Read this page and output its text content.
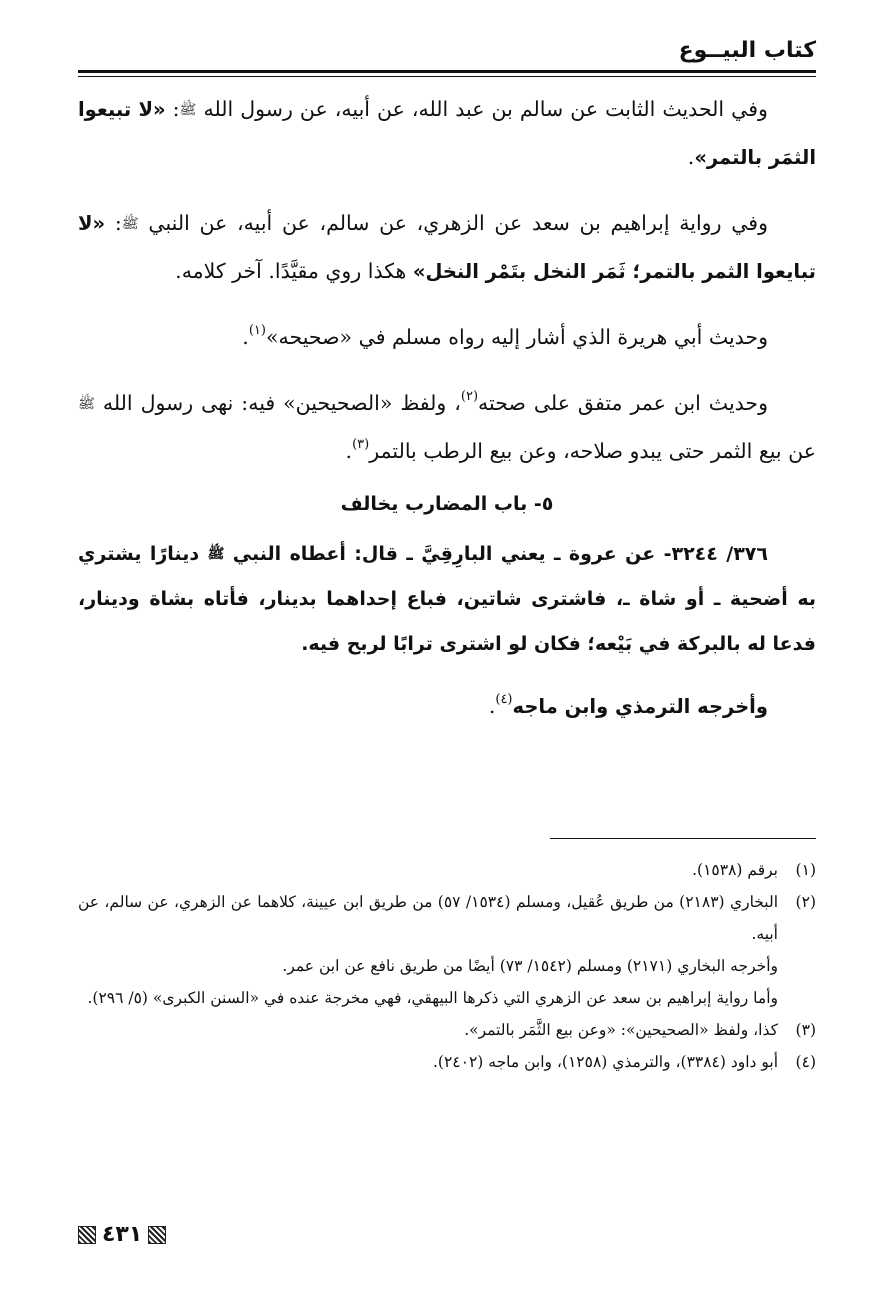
كتاب البيــوع

وفي الحديث الثابت عن سالم بن عبد الله، عن أبيه، عن رسول الله ﷺ: «لا تبيعوا الثمَر بالتمر».

وفي رواية إبراهيم بن سعد عن الزهري، عن سالم، عن أبيه، عن النبي ﷺ: «لا تبايعوا الثمر بالتمر؛ ثَمَر النخل بتَمْر النخل» هكذا روي مقيَّدًا. آخر كلامه.

وحديث أبي هريرة الذي أشار إليه رواه مسلم في «صحيحه»$^{(١)}$.

وحديث ابن عمر متفق على صحته$^{(٢)}$، ولفظ «الصحيحين» فيه: نهى رسول الله ﷺ عن بيع الثمر حتى يبدو صلاحه، وعن بيع الرطب بالتمر$^{(٣)}$.

٥- باب المضارب يخالف

٣٧٦/ ٣٢٤٤- عن عروة ـ يعني البارِقِيَّ ـ قال: أعطاه النبي ﷺ دينارًا يشتري به أضحية ـ أو شاة ـ، فاشترى شاتين، فباع إحداهما بدينار، فأتاه بشاة ودينار، فدعا له بالبركة في بَيْعه؛ فكان لو اشترى ترابًا لربح فيه.

وأخرجه الترمذي وابن ماجه$^{(٤)}$.

(١)
برقم (١٥٣٨).
(٢)
البخاري (٢١٨٣) من طريق عُقيل، ومسلم (١٥٣٤/ ٥٧) من طريق ابن عيينة، كلاهما عن الزهري، عن سالم، عن أبيه.
وأخرجه البخاري (٢١٧١) ومسلم (١٥٤٢/ ٧٣) أيضًا من طريق نافع عن ابن عمر.
وأما رواية إبراهيم بن سعد عن الزهري التي ذكرها البيهقي، فهي مخرجة عنده في «السنن الكبرى» (٥/ ٢٩٦).
(٣)
كذا، ولفظ «الصحيحين»: «وعن بيع الثَّمَر بالتمر».
(٤)
أبو داود (٣٣٨٤)، والترمذي (١٢٥٨)، وابن ماجه (٢٤٠٢).
٤٣١
